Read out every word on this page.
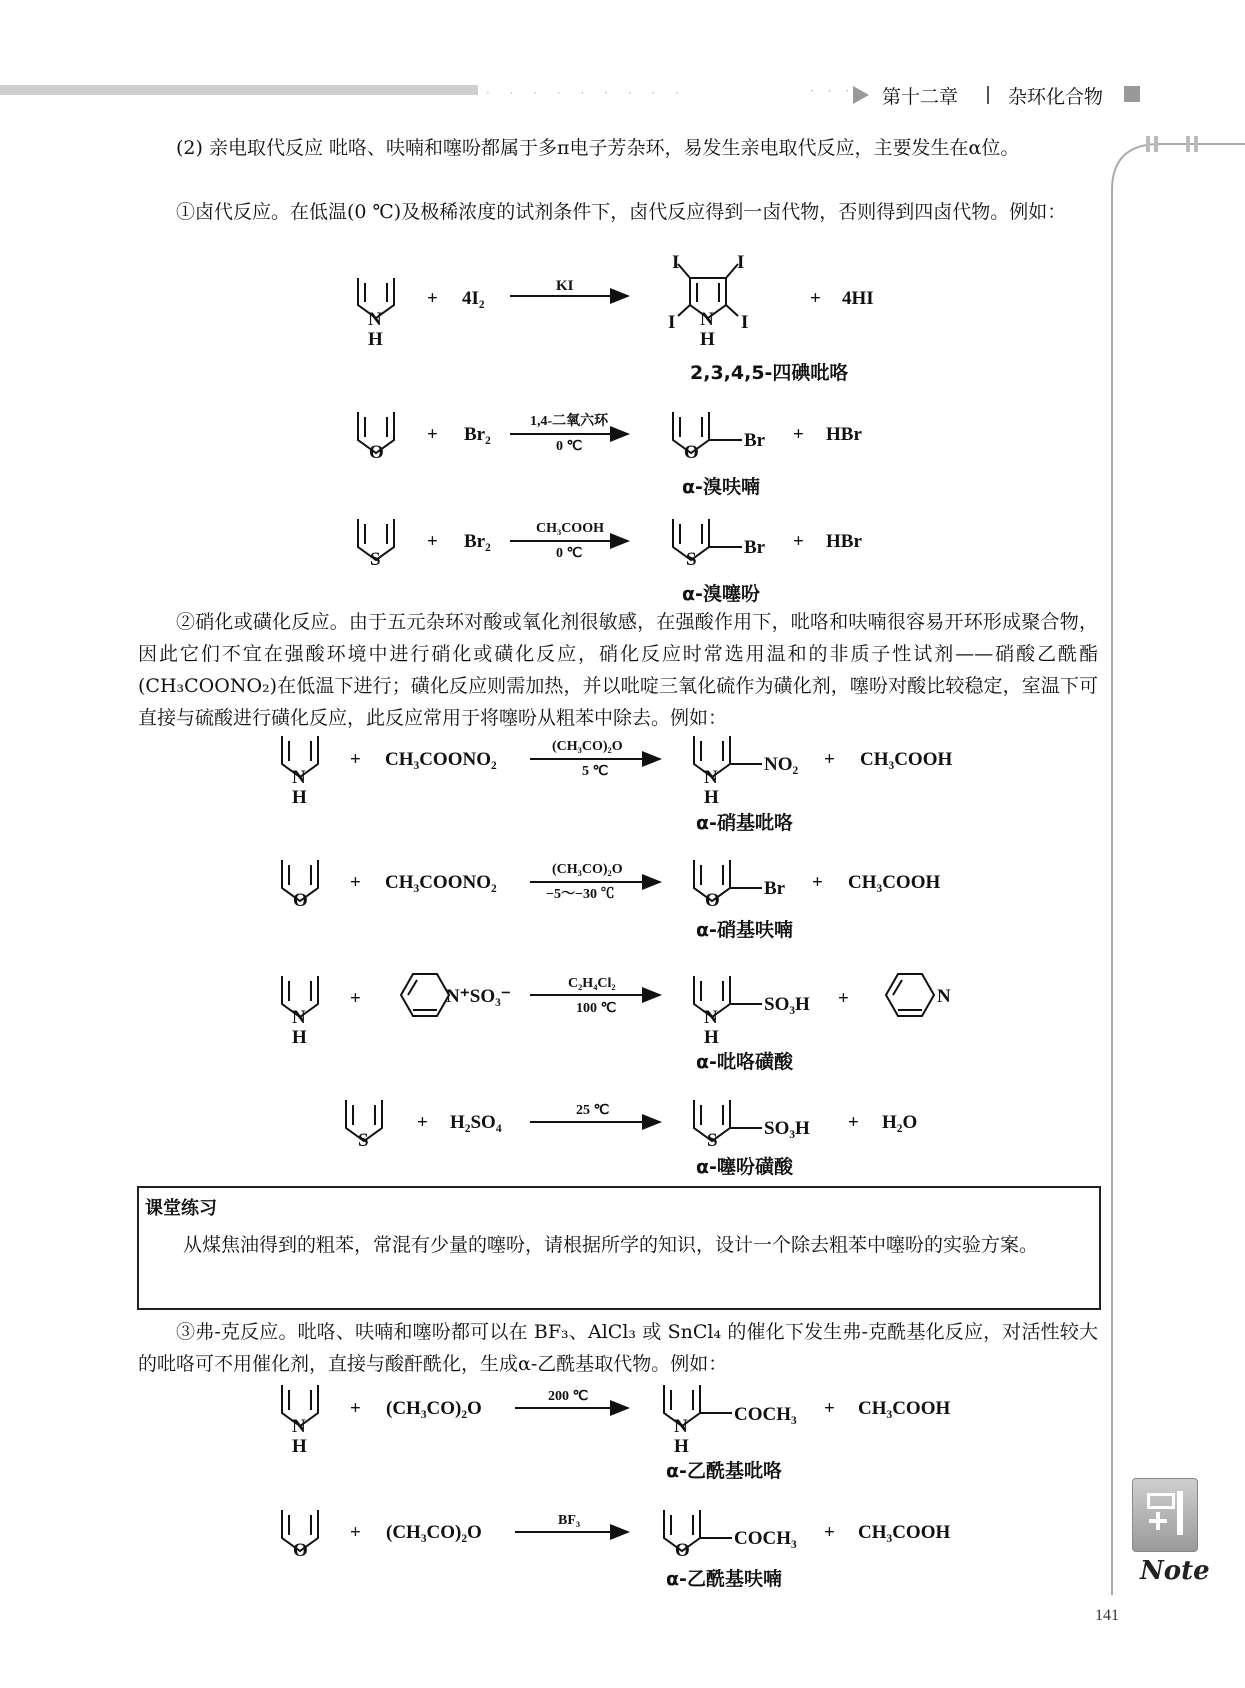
· · · · · · · · ·	· · · 第十二章	杂环化合物
Note
(2) 亲电取代反应 吡咯、呋喃和噻吩都属于多π电子芳杂环，易发生亲电取代反应，主要发生在α位。
①卤代反应。在低温(0 ℃)及极稀浓度的试剂条件下，卤代反应得到一卤代物，否则得到四卤代物。例如：
②硝化或磺化反应。由于五元杂环对酸或氧化剂很敏感，在强酸作用下，吡咯和呋喃很容易开环形成聚合物，因此它们不宜在强酸环境中进行硝化或磺化反应，硝化反应时常选用温和的非质子性试剂——硝酸乙酰酯(CH₃COONO₂)在低温下进行；磺化反应则需加热，并以吡啶三氧化硫作为磺化剂，噻吩对酸比较稳定，室温下可直接与硫酸进行磺化反应，此反应常用于将噻吩从粗苯中除去。例如：
课堂练习
从煤焦油得到的粗苯，常混有少量的噻吩，请根据所学的知识，设计一个除去粗苯中噻吩的实验方案。
③弗-克反应。吡咯、呋喃和噻吩都可以在 BF₃、AlCl₃ 或 SnCl₄ 的催化下发生弗-克酰基化反应，对活性较大的吡咯可不用催化剂，直接与酸酐酰化，生成α-乙酰基取代物。例如：
N
H
+ 4I₂
KI
I	I
I	I
N
H
+ 4HI
O
+ Br₂
1,4-二氧六环
0 ℃	O
Br + HBr
S
+ Br₂
CH₃COOH
0 ℃	S
Br + HBr
N
H
+ CH₃COONO₂
(CH₃CO)₂O
5 ℃	N
H
NO₂ + CH₃COOH
O
+ CH₃COONO₂
(CH₃CO)₂O
−5～−30 ℃	O
Br + CH₃COOH
N
H
+	N⁺SO₃⁻
C₂H₄Cl₂
100 ℃	N
H
SO₃H +	N
S
+ H₂SO₄
25 ℃
S
SO₃H + H₂O
N
H
+ (CH₃CO)₂O
200 ℃
N
H
COCH₃ + CH₃COOH
O
+ (CH₃CO)₂O
BF₃
O
COCH₃ + CH₃COOH
2,3,4,5-四碘吡咯
α-溴呋喃
α-溴噻吩
α-硝基吡咯
α-硝基呋喃
α-吡咯磺酸
α-噻吩磺酸
α-乙酰基吡咯
α-乙酰基呋喃
141
